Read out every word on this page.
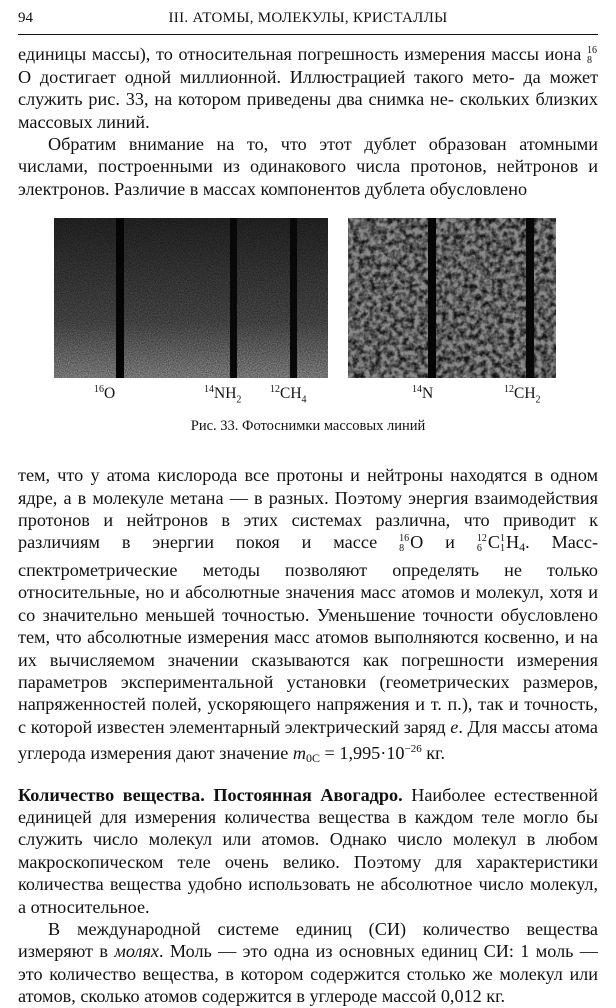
94	III. АТОМЫ, МОЛЕКУЛЫ, КРИСТАЛЛЫ

единицы массы), то относительная погрешность измерения массы иона 16
8
O достигает одной миллионной. Иллюстрацией такого мето- да может служить рис. 33, на котором приведены два снимка не- скольких близких массовых линий.

Обратим внимание на то, что этот дублет образован атомными числами, построенными из одинакового числа протонов, нейтронов и электронов. Различие в массах компонентов дублета обусловлено

$^{16}$O	$^{14}NH_2$
$^{12}CH_4$
$^{14}$N	$^{12}CH_2$
Рис. 33. Фотоснимки массовых линий

тем, что у атома кислорода все протоны и нейтроны находятся в одном ядре, а в молекуле метана — в разных. Поэтому энергия взаимодействия протонов и нейтронов в этих системах различна, что приводит к различиям в энергии покоя и массе 16
8 O и 12
6 C 1
1 $H_4$. Масс-спектрометрические методы позволяют определять не только относительные, но и абсолютные значения масс атомов и молекул, хотя и со значительно меньшей точностью. Уменьшение точности обусловлено тем, что абсолютные измерения масс атомов выполняются косвенно, и на их вычисляемом значении сказываются как погрешности измерения параметров экспериментальной установки (геометрических размеров, напряженностей полей, ускоряющего напряжения и т. п.), так и точность, с которой известен элементарный электрический заряд e. Для массы атома углерода измерения дают значение $m_{0C} = 1,995\cdot 10^{-26}$ кг.

Количество вещества. Постоянная Авогадро. Наиболее естественной единицей для измерения количества вещества в каждом теле могло бы служить число молекул или атомов. Однако число молекул в любом макроскопическом теле очень велико. Поэтому для характеристики количества вещества удобно использовать не абсолютное число молекул, а относительное.

В международной системе единиц (СИ) количество вещества измеряют в молях. Моль — это одна из основных единиц СИ: 1 моль — это количество вещества, в котором содержится столько же молекул или атомов, сколько атомов содержится в углероде массой 0,012 кг.
